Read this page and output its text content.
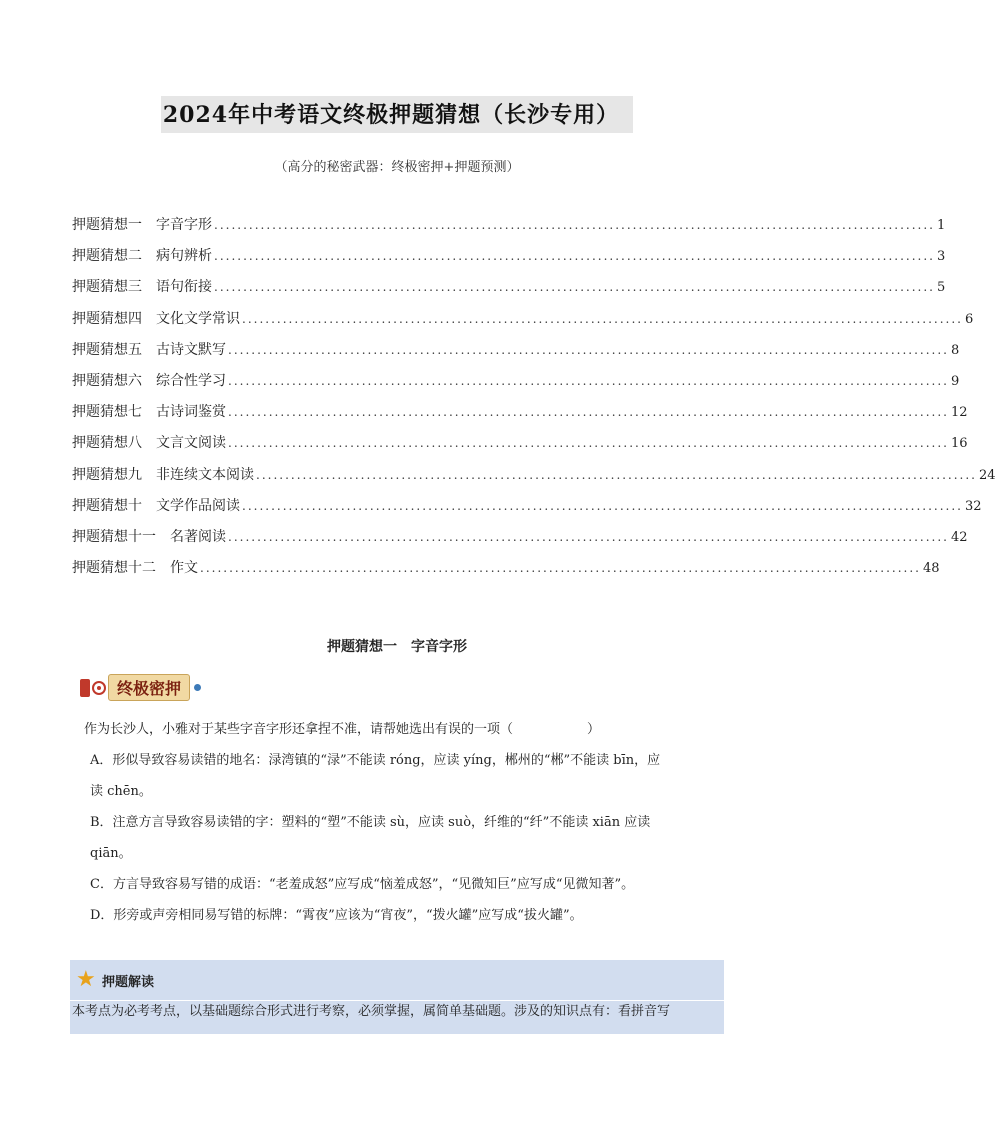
2024年中考语文终极押题猜想（长沙专用）
（高分的秘密武器：终极密押+押题预测）
押题猜想一 字音字形 ............................................................................................................................ 1
押题猜想二 病句辨析 ............................................................................................................................ 3
押题猜想三 语句衔接 ............................................................................................................................ 5
押题猜想四 文化文学常识 ............................................................................................................................ 6
押题猜想五 古诗文默写 ............................................................................................................................ 8
押题猜想六 综合性学习 ............................................................................................................................ 9
押题猜想七 古诗词鉴赏 ............................................................................................................................ 12
押题猜想八 文言文阅读 ............................................................................................................................ 16
押题猜想九 非连续文本阅读 ............................................................................................................................ 24
押题猜想十 文学作品阅读 ............................................................................................................................ 32
押题猜想十一 名著阅读 ............................................................................................................................ 42
押题猜想十二 作文 ............................................................................................................................ 48
押题猜想一　字音字形
终极密押
作为长沙人，小雅对于某些字音字形还拿捏不准，请帮她选出有误的一项（	）
A．形似导致容易读错的地名：渌湾镇的“渌”不能读 róng，应读 yíng，郴州的“郴”不能读 bīn，应
读 chēn。
B．注意方言导致容易读错的字：塑料的“塑”不能读 sù，应读 suò，纤维的“纤”不能读 xiān 应读
qiān。
C．方言导致容易写错的成语：“老羞成怒”应写成“恼羞成怒”，“见微知巨”应写成“见微知著”。
D．形旁或声旁相同易写错的标牌：“霄夜”应该为“宵夜”，“拨火罐”应写成“拔火罐”。
★ 押题解读
本考点为必考考点，以基础题综合形式进行考察，必须掌握，属简单基础题。涉及的知识点有：看拼音写
